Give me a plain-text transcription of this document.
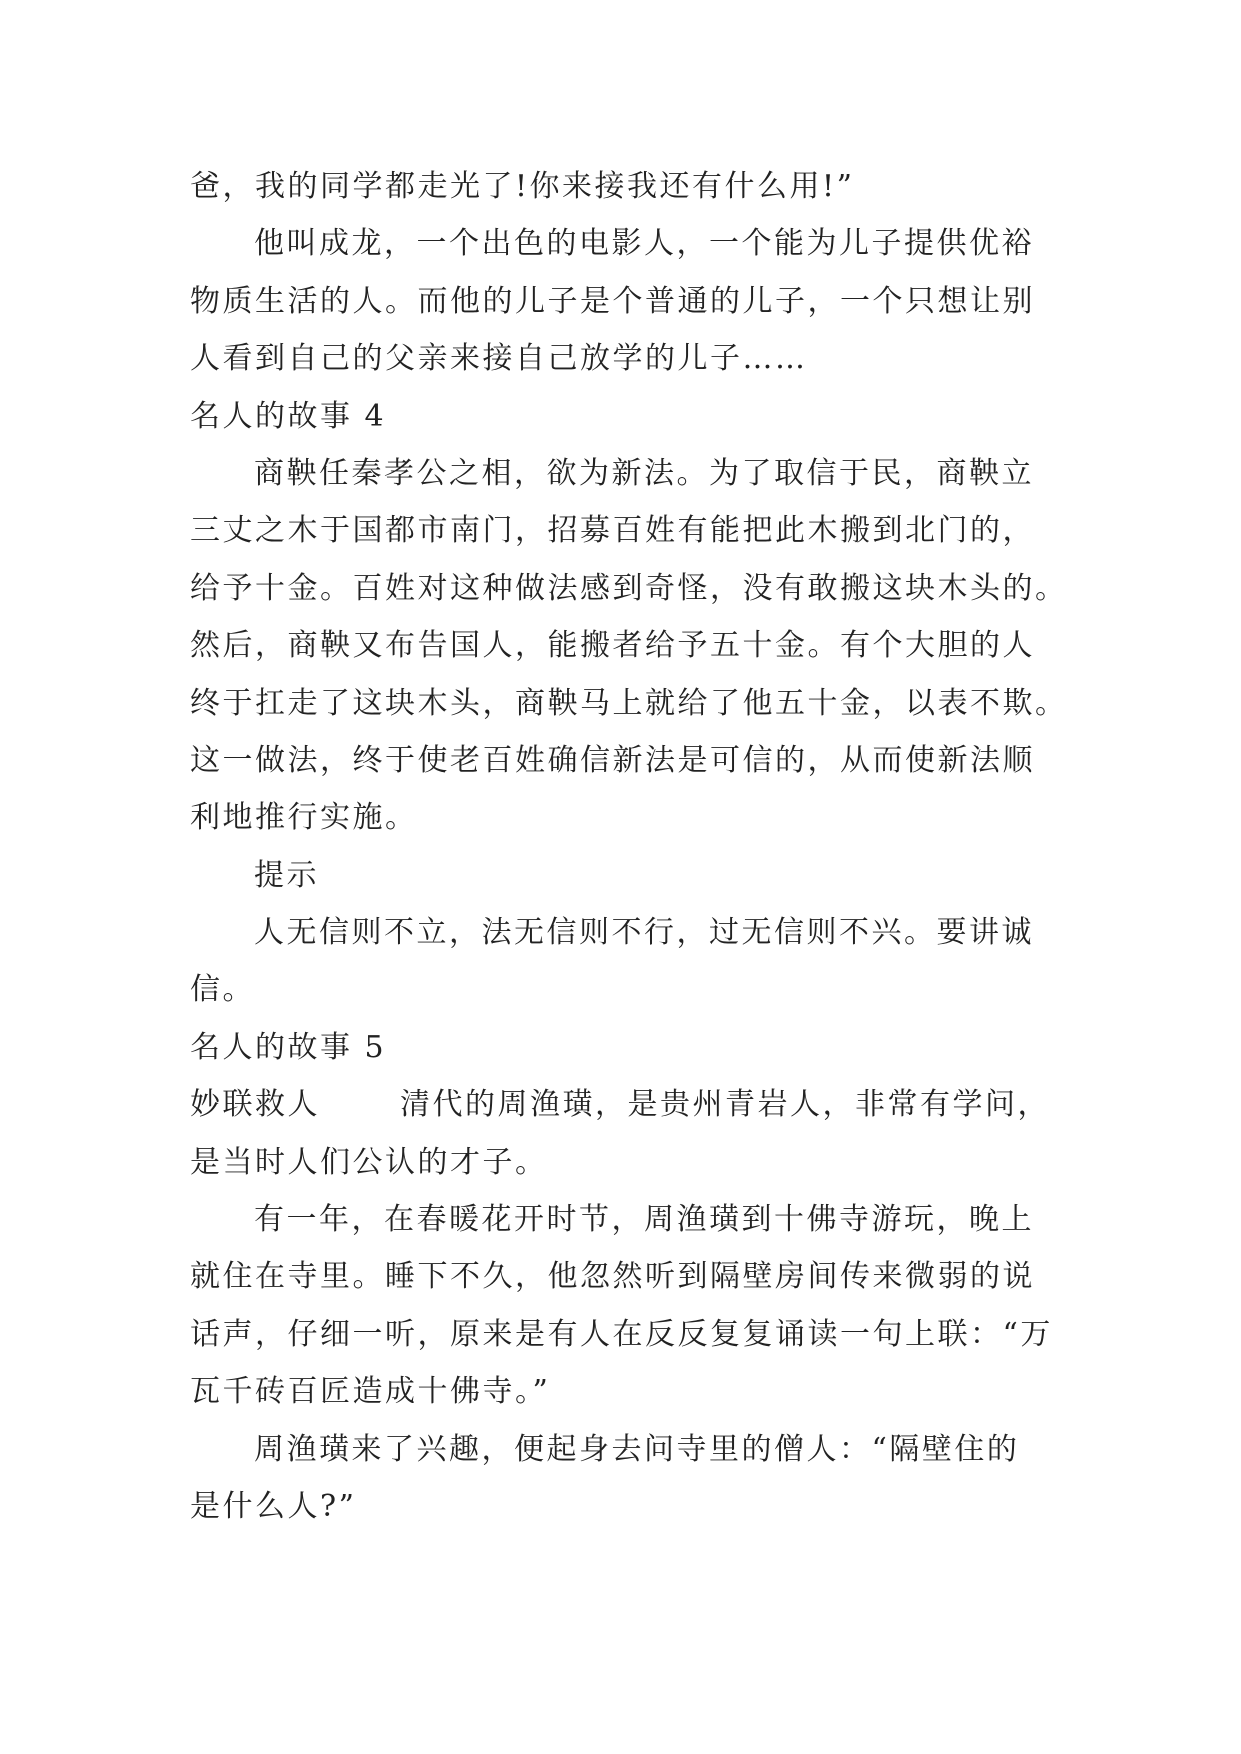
爸，我的同学都走光了!你来接我还有什么用!”
他叫成龙，一个出色的电影人，一个能为儿子提供优裕
物质生活的人。而他的儿子是个普通的儿子，一个只想让别
人看到自己的父亲来接自己放学的儿子……
名人的故事 4
商鞅任秦孝公之相，欲为新法。为了取信于民，商鞅立
三丈之木于国都市南门，招募百姓有能把此木搬到北门的，
给予十金。百姓对这种做法感到奇怪，没有敢搬这块木头的。
然后，商鞅又布告国人，能搬者给予五十金。有个大胆的人
终于扛走了这块木头，商鞅马上就给了他五十金，以表不欺。
这一做法，终于使老百姓确信新法是可信的，从而使新法顺
利地推行实施。
提示
人无信则不立，法无信则不行，过无信则不兴。要讲诚
信。
名人的故事 5
妙联救人	清代的周渔璜，是贵州青岩人，非常有学问，
是当时人们公认的才子。
有一年，在春暖花开时节，周渔璜到十佛寺游玩，晚上
就住在寺里。睡下不久，他忽然听到隔壁房间传来微弱的说
话声，仔细一听，原来是有人在反反复复诵读一句上联：“万
瓦千砖百匠造成十佛寺。”
周渔璜来了兴趣，便起身去问寺里的僧人：“隔壁住的
是什么人?”
